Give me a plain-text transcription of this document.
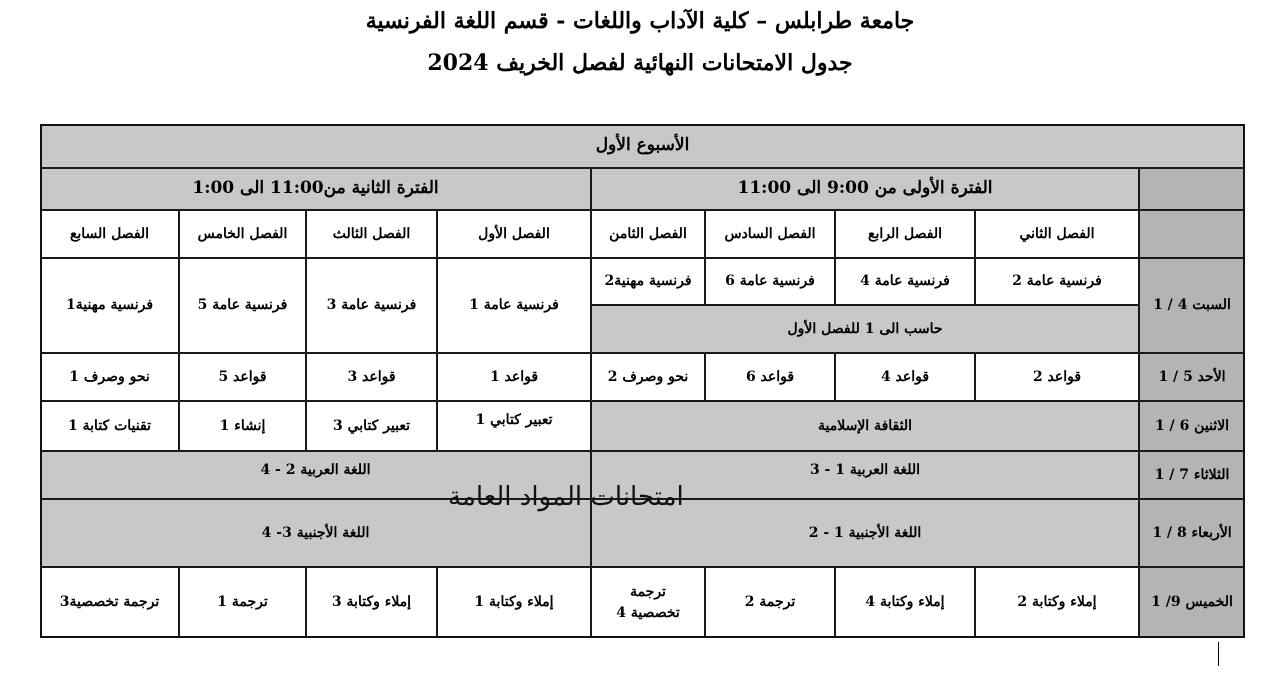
جامعة طرابلس – كلية الآداب واللغات - قسم اللغة الفرنسية
جدول الامتحانات النهائية لفصل الخريف 2024
الأسبوع الأول
الفترة الأولى من 9:00 الى 11:00
الفترة الثانية من11:00 الى 1:00
الفصل الثاني
الفصل الرابع
الفصل السادس
الفصل الثامن
الفصل الأول
الفصل الثالث
الفصل الخامس
الفصل السابع
السبت 4 / 1
فرنسية عامة 2
فرنسية عامة 4
فرنسية عامة 6
فرنسية مهنية2
حاسب الى 1 للفصل الأول
فرنسية عامة 1
فرنسية عامة 3
فرنسية عامة 5
فرنسية مهنية1
الأحد 5 / 1
قواعد 2
قواعد 4
قواعد 6
نحو وصرف 2
قواعد 1
قواعد 3
قواعد 5
نحو وصرف 1
الاثنين 6 / 1
الثقافة الإسلامية
تعبير كتابي 1
تعبير كتابي 3
إنشاء 1
تقنيات كتابة 1
الثلاثاء 7 / 1
اللغة العربية 1 - 3
اللغة العربية 2 - 4
الأربعاء 8 / 1
اللغة الأجنبية 1 - 2
اللغة الأجنبية 3- 4
الخميس 9/ 1
إملاء وكتابة 2
إملاء وكتابة 4
ترجمة 2
ترجمة تخصصية 4
إملاء وكتابة 1
إملاء وكتابة 3
ترجمة 1
ترجمة تخصصية3
امتحانات المواد العامة
